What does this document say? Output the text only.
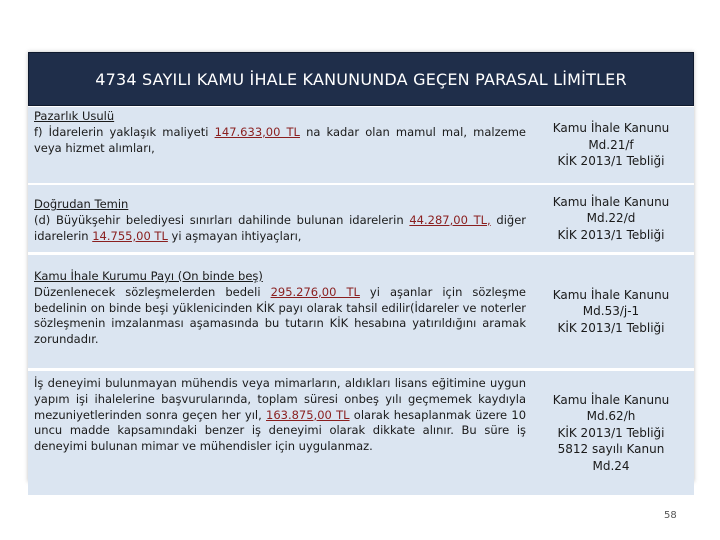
4734 SAYILI KAMU İHALE KANUNUNDA GEÇEN PARASAL LİMİTLER
Pazarlık Usulü
f) İdarelerin yaklaşık maliyeti 147.633,00 TL na kadar olan mamul mal, malzeme veya hizmet alımları,
Kamu İhale Kanunu
Md.21/f
KİK 2013/1 Tebliği
Doğrudan Temin
(d) Büyükşehir belediyesi sınırları dahilinde bulunan idarelerin 44.287,00 TL, diğer idarelerin 14.755,00 TL yi aşmayan ihtiyaçları,
Kamu İhale Kanunu
Md.22/d
KİK 2013/1 Tebliği
Kamu İhale Kurumu Payı (On binde beş)
Düzenlenecek sözleşmelerden bedeli 295.276,00 TL yi aşanlar için sözleşme bedelinin on binde beşi yüklenicinden KİK payı olarak tahsil edilir(İdareler ve noterler sözleşmenin imzalanması aşamasında bu tutarın KİK hesabına yatırıldığını aramak zorundadır.
Kamu İhale Kanunu
Md.53/j-1
KİK 2013/1 Tebliği
İş deneyimi bulunmayan mühendis veya mimarların, aldıkları lisans eğitimine uygun yapım işi ihalelerine başvurularında, toplam süresi onbeş yılı geçmemek kaydıyla mezuniyetlerinden sonra geçen her yıl, 163.875,00 TL olarak hesaplanmak üzere 10 uncu madde kapsamındaki benzer iş deneyimi olarak dikkate alınır. Bu süre iş deneyimi bulunan mimar ve mühendisler için uygulanmaz.
Kamu İhale Kanunu
Md.62/h
KİK 2013/1 Tebliği
5812 sayılı Kanun
Md.24
58
